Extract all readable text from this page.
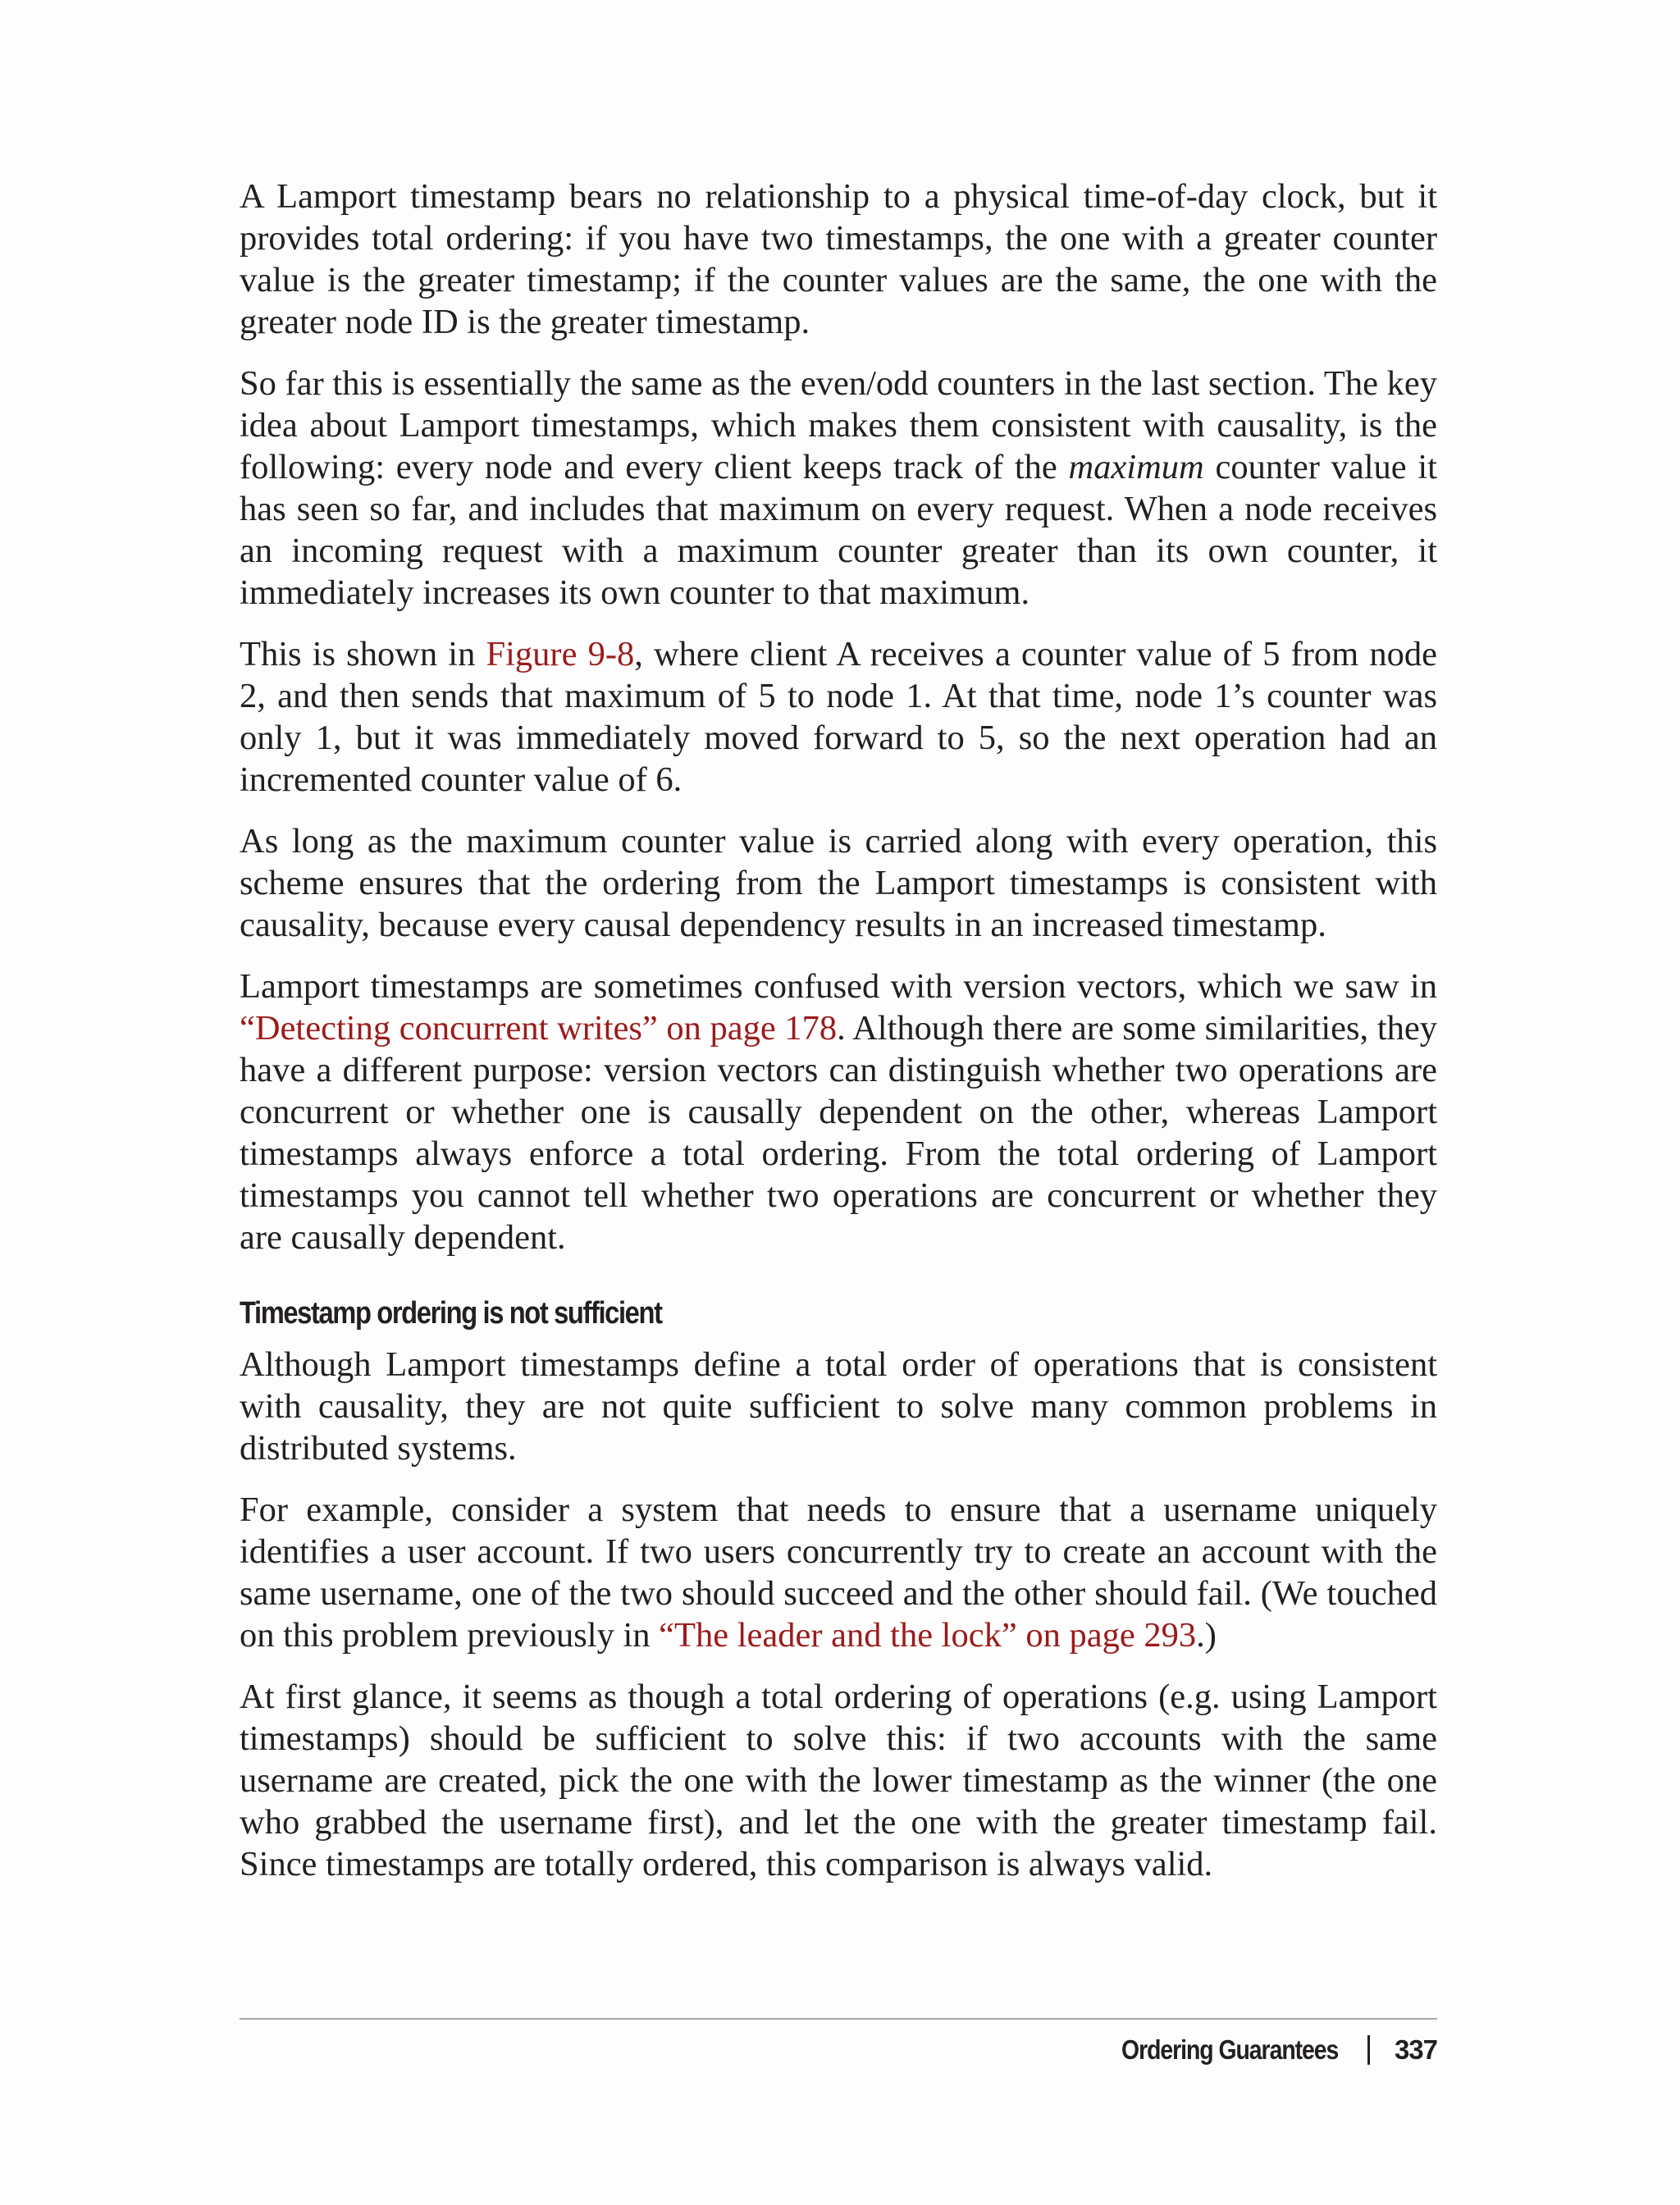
A Lamport timestamp bears no relationship to a physical time-of-day clock, but it provides total ordering: if you have two timestamps, the one with a greater counter value is the greater timestamp; if the counter values are the same, the one with the greater node ID is the greater timestamp.

So far this is essentially the same as the even/odd counters in the last section. The key idea about Lamport timestamps, which makes them consistent with causality, is the following: every node and every client keeps track of the maximum counter value it has seen so far, and includes that maximum on every request. When a node receives an incoming request with a maximum counter greater than its own counter, it immediately increases its own counter to that maximum.

This is shown in Figure 9-8, where client A receives a counter value of 5 from node 2, and then sends that maximum of 5 to node 1. At that time, node 1’s counter was only 1, but it was immediately moved forward to 5, so the next operation had an incremented counter value of 6.

As long as the maximum counter value is carried along with every operation, this scheme ensures that the ordering from the Lamport timestamps is consistent with causality, because every causal dependency results in an increased timestamp.

Lamport timestamps are sometimes confused with version vectors, which we saw in “Detecting concurrent writes” on page 178. Although there are some similarities, they have a different purpose: version vectors can distinguish whether two operations are concurrent or whether one is causally dependent on the other, whereas Lamport timestamps always enforce a total ordering. From the total ordering of Lamport timestamps you cannot tell whether two operations are concurrent or whether they are causally dependent.

Timestamp ordering is not sufficient

Although Lamport timestamps define a total order of operations that is consistent with causality, they are not quite sufficient to solve many common problems in distributed systems.

For example, consider a system that needs to ensure that a username uniquely identifies a user account. If two users concurrently try to create an account with the same username, one of the two should succeed and the other should fail. (We touched on this problem previously in “The leader and the lock” on page 293.)

At first glance, it seems as though a total ordering of operations (e.g. using Lamport timestamps) should be sufficient to solve this: if two accounts with the same username are created, pick the one with the lower timestamp as the winner (the one who grabbed the username first), and let the one with the greater timestamp fail. Since timestamps are totally ordered, this comparison is always valid.

Ordering Guarantees 337
